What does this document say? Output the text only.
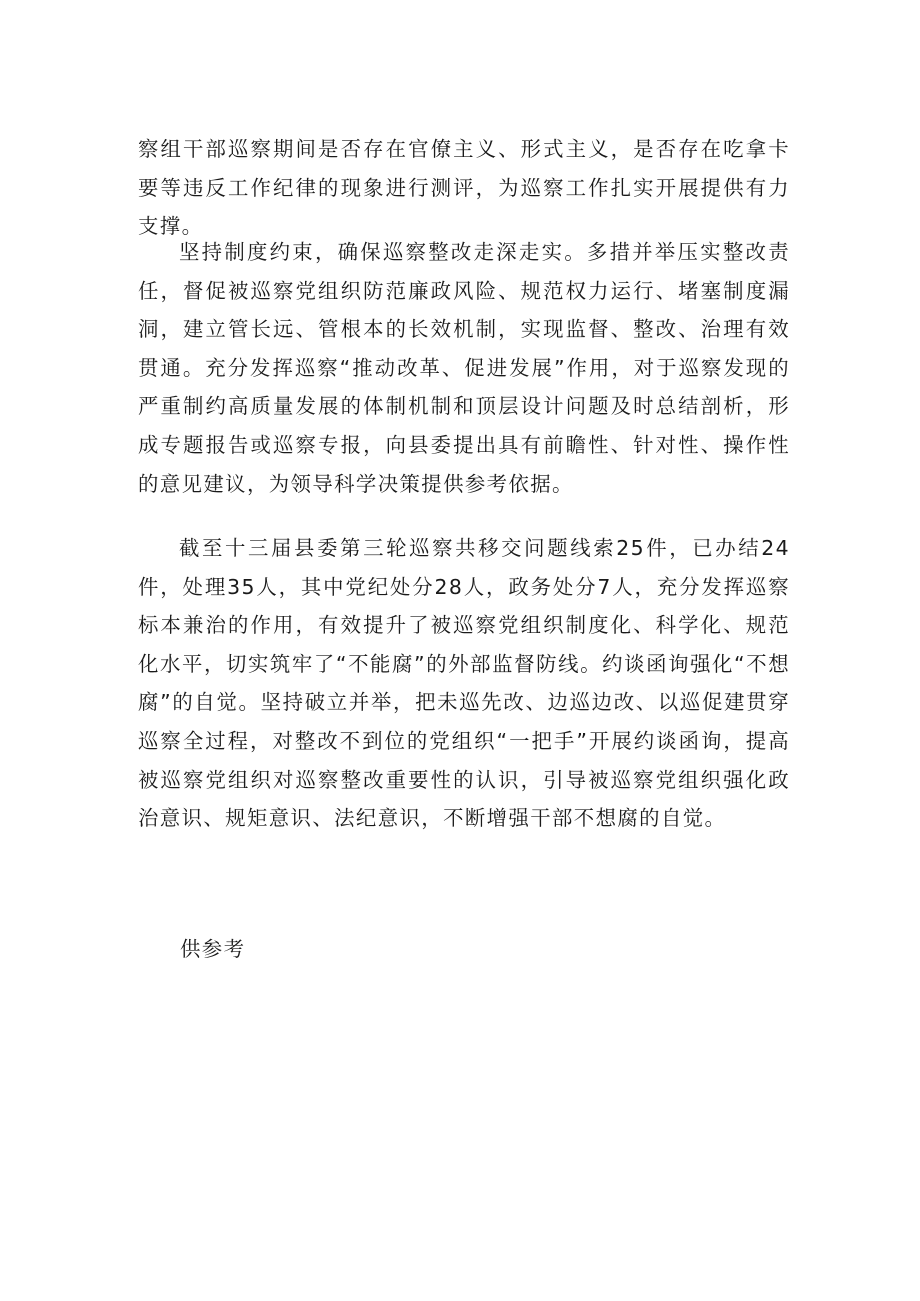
察组干部巡察期间是否存在官僚主义、形式主义，是否存在吃拿卡要等违反工作纪律的现象进行测评，为巡察工作扎实开展提供有力支撑。

坚持制度约束，确保巡察整改走深走实。多措并举压实整改责任，督促被巡察党组织防范廉政风险、规范权力运行、堵塞制度漏洞，建立管长远、管根本的长效机制，实现监督、整改、治理有效贯通。充分发挥巡察“推动改革、促进发展”作用，对于巡察发现的严重制约高质量发展的体制机制和顶层设计问题及时总结剖析，形成专题报告或巡察专报，向县委提出具有前瞻性、针对性、操作性的意见建议，为领导科学决策提供参考依据。

截至十三届县委第三轮巡察共移交问题线索25件，已办结24件，处理35人，其中党纪处分28人，政务处分7人，充分发挥巡察标本兼治的作用，有效提升了被巡察党组织制度化、科学化、规范化水平，切实筑牢了“不能腐”的外部监督防线。约谈函询强化“不想腐”的自觉。坚持破立并举，把未巡先改、边巡边改、以巡促建贯穿巡察全过程，对整改不到位的党组织“一把手”开展约谈函询，提高被巡察党组织对巡察整改重要性的认识，引导被巡察党组织强化政治意识、规矩意识、法纪意识，不断增强干部不想腐的自觉。

供参考
